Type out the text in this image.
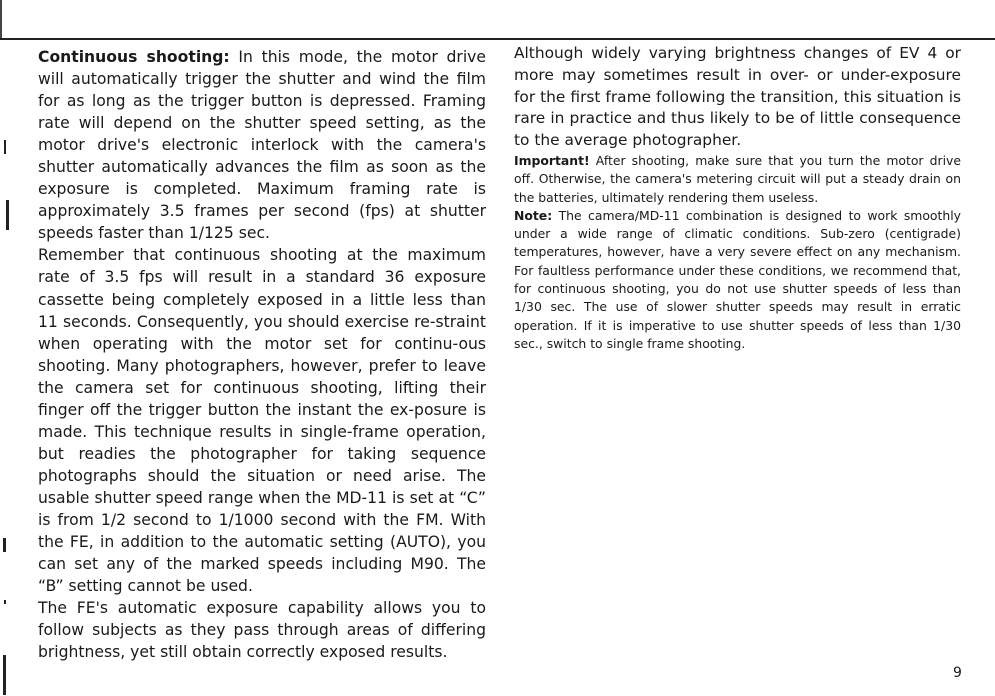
Continuous shooting: In this mode, the motor drive will automatically trigger the shutter and wind the film for as long as the trigger button is depressed. Framing rate will depend on the shutter speed setting, as the motor drive's electronic interlock with the camera's shutter automatically advances the film as soon as the exposure is completed. Maximum framing rate is approximately 3.5 frames per second (fps) at shutter speeds faster than 1/125 sec.

Remember that continuous shooting at the maximum rate of 3.5 fps will result in a standard 36 exposure cassette being completely exposed in a little less than 11 seconds. Consequently, you should exercise re-straint when operating with the motor set for continu-ous shooting. Many photographers, however, prefer to leave the camera set for continuous shooting, lifting their finger off the trigger button the instant the ex-posure is made. This technique results in single-frame operation, but readies the photographer for taking sequence photographs should the situation or need arise. The usable shutter speed range when the MD-11 is set at “C” is from 1/2 second to 1/1000 second with the FM. With the FE, in addition to the automatic setting (AUTO), you can set any of the marked speeds including M90. The “B” setting cannot be used.

The FE's automatic exposure capability allows you to follow subjects as they pass through areas of differing brightness, yet still obtain correctly exposed results.

Although widely varying brightness changes of EV 4 or more may sometimes result in over- or under-exposure for the first frame following the transition, this situation is rare in practice and thus likely to be of little consequence to the average photographer.

Important! After shooting, make sure that you turn the motor drive off. Otherwise, the camera's metering circuit will put a steady drain on the batteries, ultimately rendering them useless.

Note: The camera/MD-11 combination is designed to work smoothly under a wide range of climatic conditions. Sub-zero (centigrade) temperatures, however, have a very severe effect on any mechanism. For faultless performance under these conditions, we recommend that, for continuous shooting, you do not use shutter speeds of less than 1/30 sec. The use of slower shutter speeds may result in erratic operation. If it is imperative to use shutter speeds of less than 1/30 sec., switch to single frame shooting.

9
